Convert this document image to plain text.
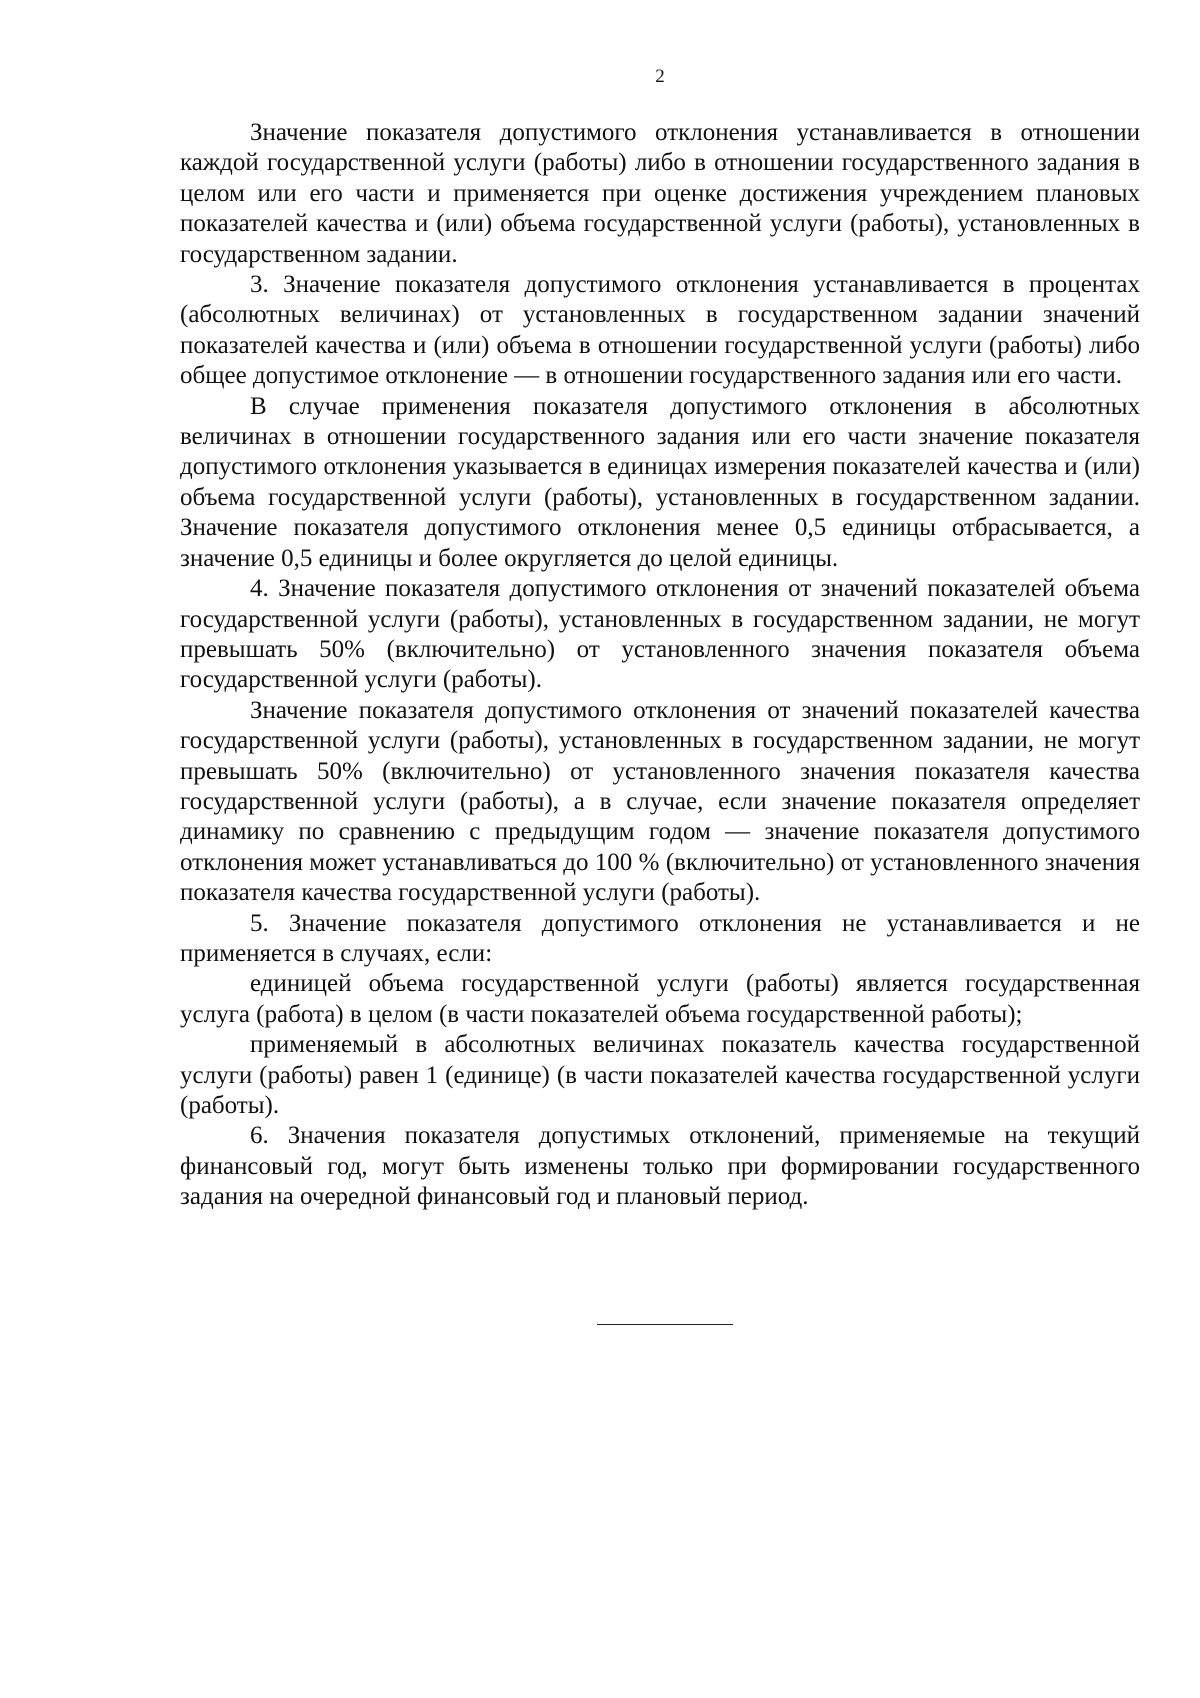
2

Значение показателя допустимого отклонения устанавливается в отношении каждой государственной услуги (работы) либо в отношении государственного задания в целом или его части и применяется при оценке достижения учреждением плановых показателей качества и (или) объема государственной услуги (работы), установленных в государственном задании.

3. Значение показателя допустимого отклонения устанавливается в процентах (абсолютных величинах) от установленных в государственном задании значений показателей качества и (или) объема в отношении государственной услуги (работы) либо общее допустимое отклонение — в отношении государственного задания или его части.

В случае применения показателя допустимого отклонения в абсолютных величинах в отношении государственного задания или его части значение показателя допустимого отклонения указывается в единицах измерения показателей качества и (или) объема государственной услуги (работы), установленных в государственном задании. Значение показателя допустимого отклонения менее 0,5 единицы отбрасывается, а значение 0,5 единицы и более округляется до целой единицы.

4. Значение показателя допустимого отклонения от значений показателей объема государственной услуги (работы), установленных в государственном задании, не могут превышать 50% (включительно) от установленного значения показателя объема государственной услуги (работы).

Значение показателя допустимого отклонения от значений показателей качества государственной услуги (работы), установленных в государственном задании, не могут превышать 50% (включительно) от установленного значения показателя качества государственной услуги (работы), а в случае, если значение показателя определяет динамику по сравнению с предыдущим годом — значение показателя допустимого отклонения может устанавливаться до 100 % (включительно) от установленного значения показателя качества государственной услуги (работы).

5. Значение показателя допустимого отклонения не устанавливается и не применяется в случаях, если:

единицей объема государственной услуги (работы) является государственная услуга (работа) в целом (в части показателей объема государственной работы);

применяемый в абсолютных величинах показатель качества государственной услуги (работы) равен 1 (единице) (в части показателей качества государственной услуги (работы).

6. Значения показателя допустимых отклонений, применяемые на текущий финансовый год, могут быть изменены только при формировании государственного задания на очередной финансовый год и плановый период.
